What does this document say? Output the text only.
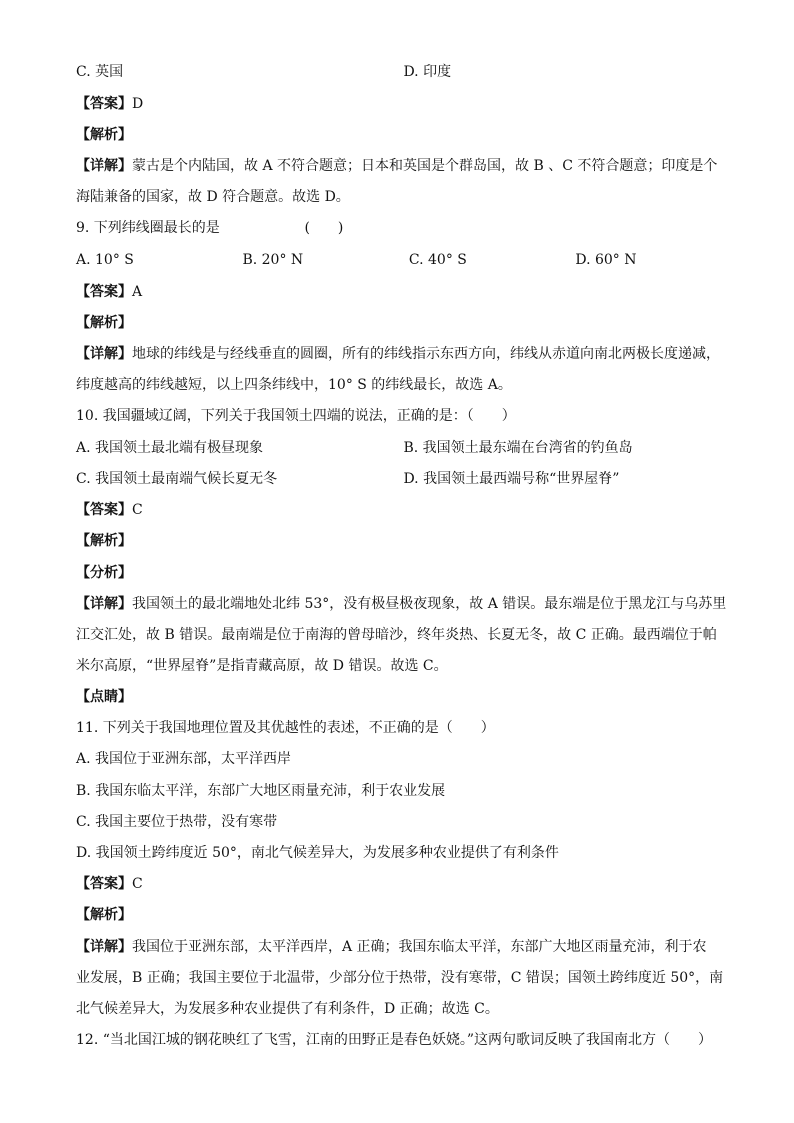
C. 英国	D. 印度
【答案】D
【解析】
【详解】蒙古是个内陆国，故 A 不符合题意；日本和英国是个群岛国，故 B 、C 不符合题意；印度是个
海陆兼备的国家，故 D 符合题意。故选 D。
9. 下列纬线圈最长的是	(　　)
A. 10° S	B. 20° N	C. 40° S	D. 60° N
【答案】A
【解析】
【详解】地球的纬线是与经线垂直的圆圈，所有的纬线指示东西方向，纬线从赤道向南北两极长度递减，
纬度越高的纬线越短，以上四条纬线中，10° S 的纬线最长，故选 A。
10. 我国疆域辽阔，下列关于我国领土四端的说法，正确的是：（　　）
A. 我国领土最北端有极昼现象	B. 我国领土最东端在台湾省的钓鱼岛
C. 我国领土最南端气候长夏无冬	D. 我国领土最西端号称“世界屋脊”
【答案】C
【解析】
【分析】
【详解】我国领土的最北端地处北纬 53°，没有极昼极夜现象，故 A 错误。最东端是位于黑龙江与乌苏里
江交汇处，故 B 错误。最南端是位于南海的曾母暗沙，终年炎热、长夏无冬，故 C 正确。最西端位于帕
米尔高原，“世界屋脊”是指青藏高原，故 D 错误。故选 C。
【点睛】
11. 下列关于我国地理位置及其优越性的表述，不正确的是（　　）
A. 我国位于亚洲东部，太平洋西岸
B. 我国东临太平洋，东部广大地区雨量充沛，利于农业发展
C. 我国主要位于热带，没有寒带
D. 我国领土跨纬度近 50°，南北气候差异大，为发展多种农业提供了有利条件
【答案】C
【解析】
【详解】我国位于亚洲东部，太平洋西岸，A 正确；我国东临太平洋，东部广大地区雨量充沛，利于农
业发展，B 正确；我国主要位于北温带，少部分位于热带，没有寒带，C 错误；国领土跨纬度近 50°，南
北气候差异大，为发展多种农业提供了有利条件，D 正确；故选 C。
12. “当北国江城的钢花映红了飞雪，江南的田野正是春色妖娆。”这两句歌词反映了我国南北方（　　）
